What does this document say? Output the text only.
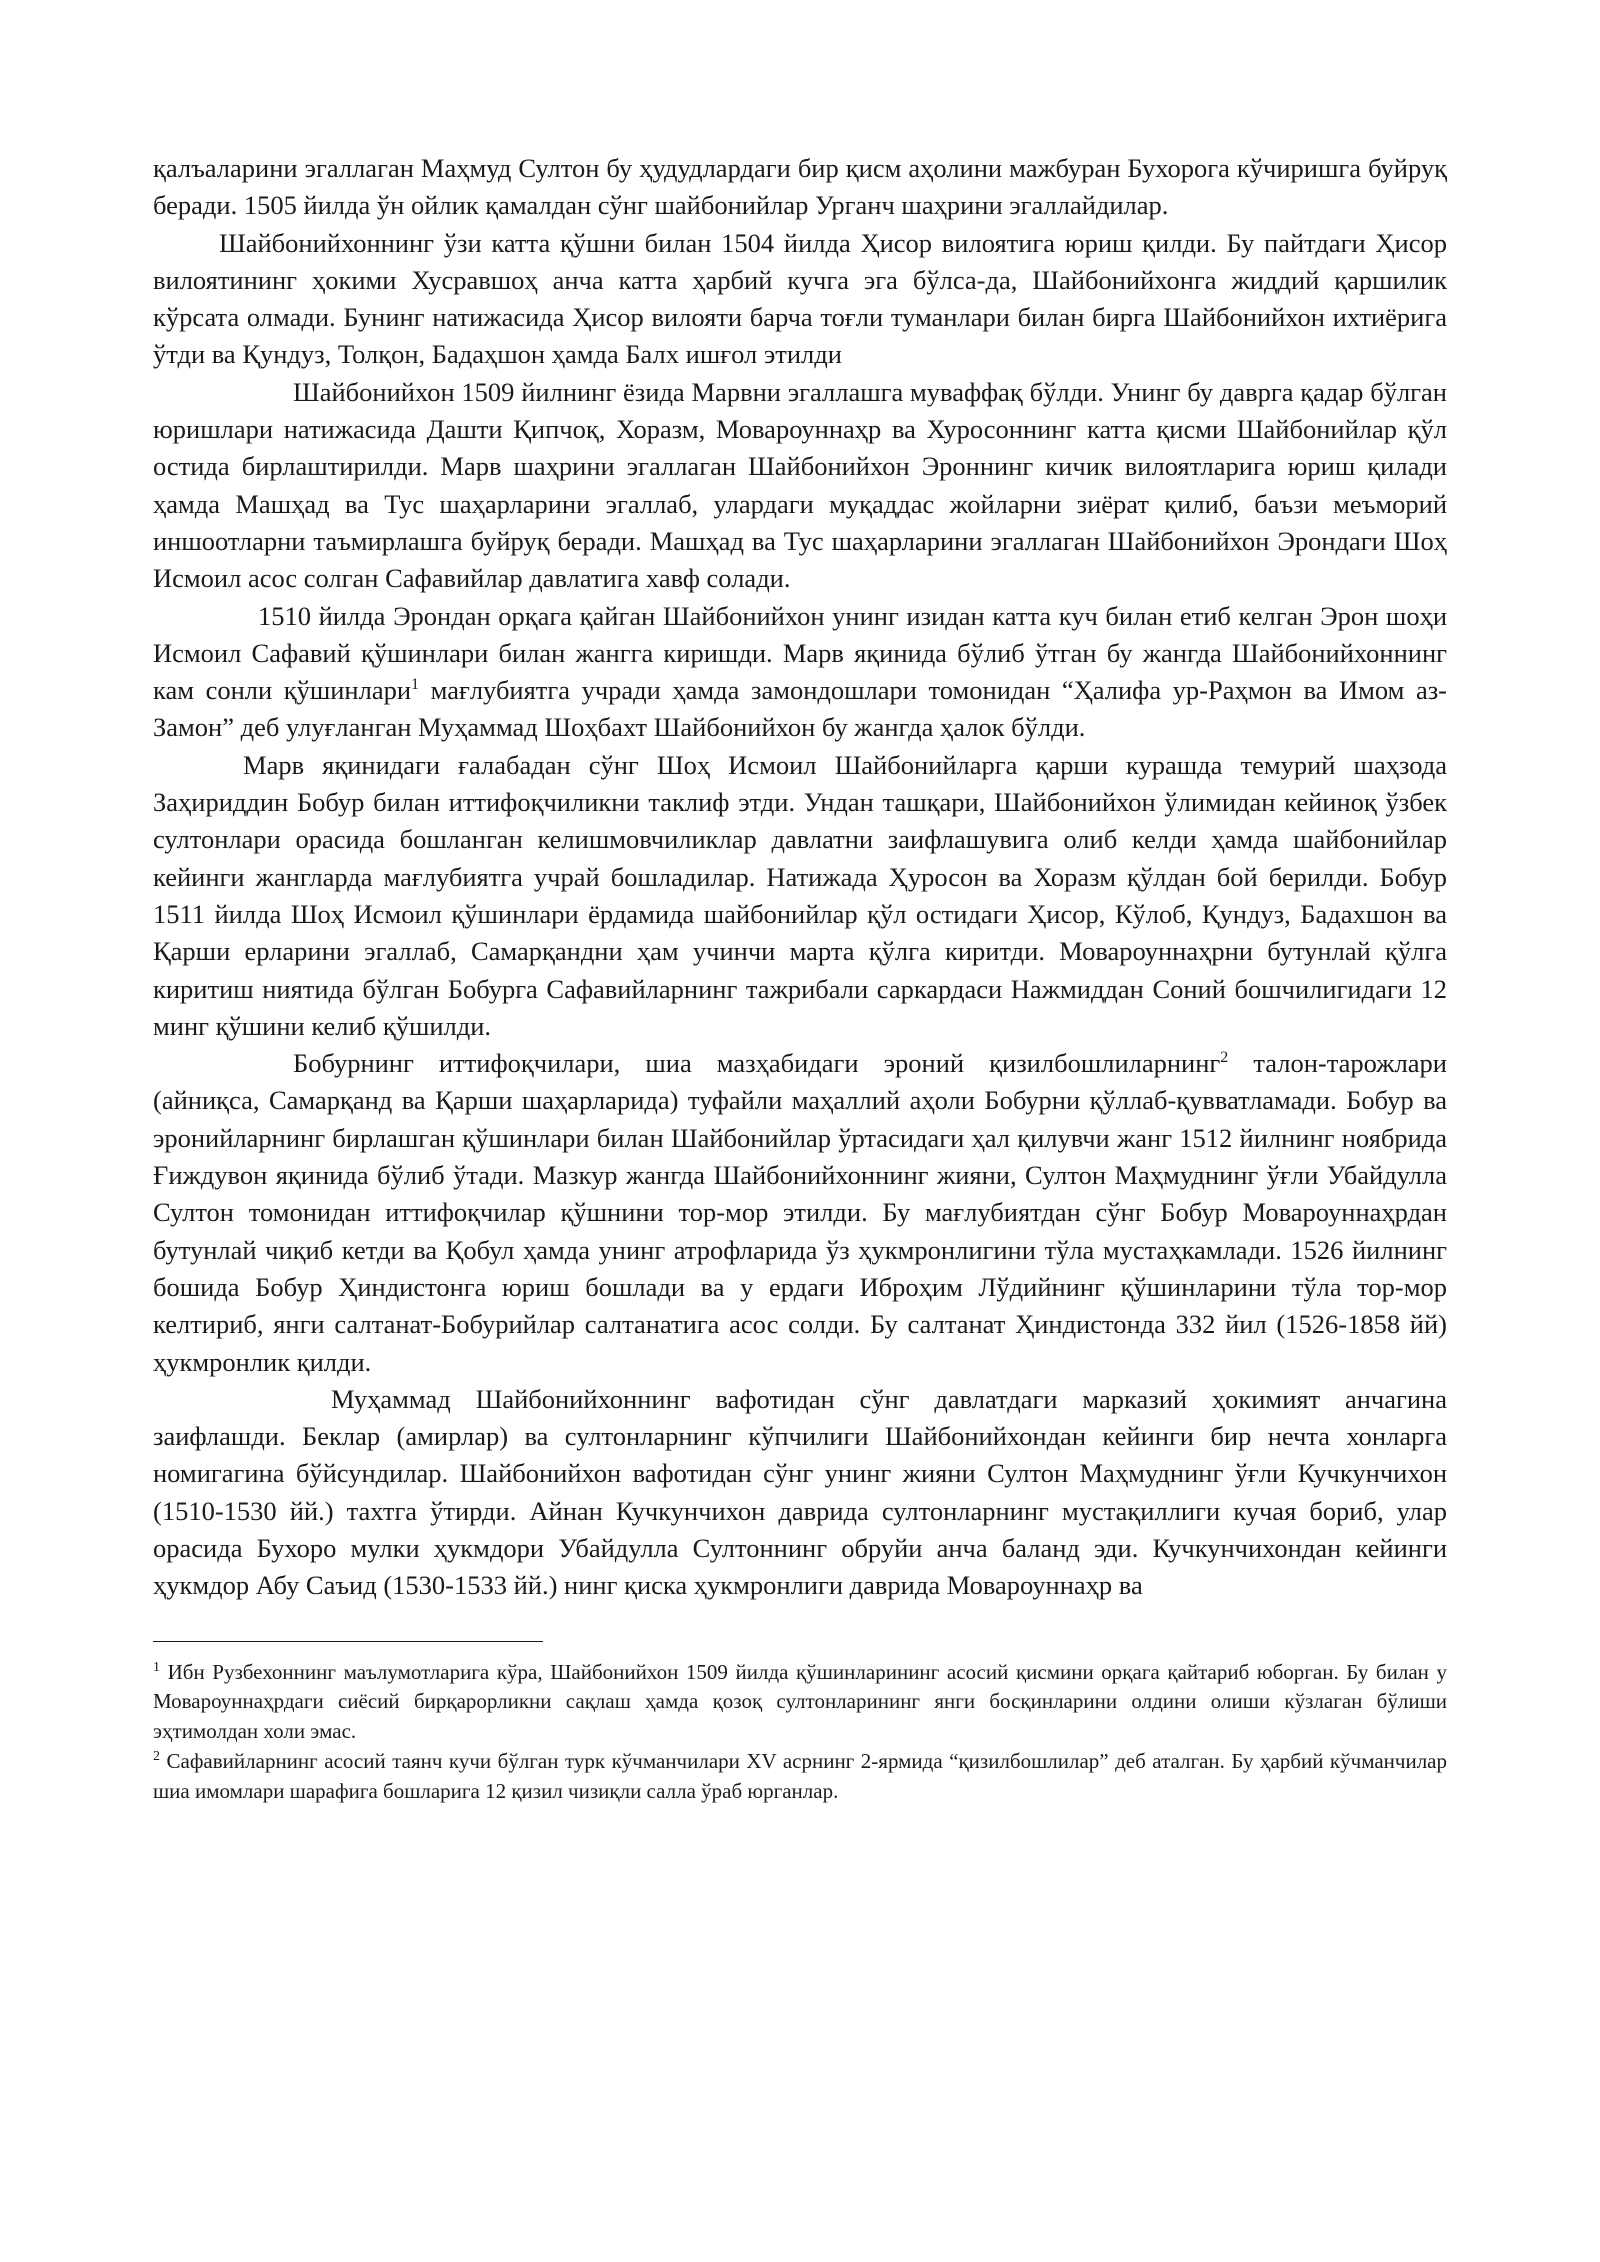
қалъаларини эгаллаган Маҳмуд Султон бу ҳудудлардаги бир қисм аҳолини мажбуран Бухорога кўчиришга буйруқ беради. 1505 йилда ўн ойлик қамалдан сўнг шайбонийлар Урганч шаҳрини эгаллайдилар.

Шайбонийхоннинг ўзи катта қўшни билан 1504 йилда Ҳисор вилоятига юриш қилди. Бу пайтдаги Ҳисор вилоятининг ҳокими Хусравшоҳ анча катта ҳарбий кучга эга бўлса-да, Шайбонийхонга жиддий қаршилик кўрсата олмади. Бунинг натижасида Ҳисор вилояти барча тоғли туманлари билан бирга Шайбонийхон ихтиёрига ўтди ва Қундуз, Толқон, Бадаҳшон ҳамда Балх ишғол этилди

Шайбонийхон 1509 йилнинг ёзида Марвни эгаллашга муваффақ бўлди. Унинг бу даврга қадар бўлган юришлари натижасида Дашти Қипчоқ, Хоразм, Мовароуннаҳр ва Хуросоннинг катта қисми Шайбонийлар қўл остида бирлаштирилди. Марв шаҳрини эгаллаган Шайбонийхон Эроннинг кичик вилоятларига юриш қилади ҳамда Машҳад ва Тус шаҳарларини эгаллаб, улардаги муқаддас жойларни зиёрат қилиб, баъзи меъморий иншоотларни таъмирлашга буйруқ беради. Машҳад ва Тус шаҳарларини эгаллаган Шайбонийхон Эрондаги Шоҳ Исмоил асос солган Сафавийлар давлатига хавф солади.

1510 йилда Эрондан орқага қайган Шайбонийхон унинг изидан катта куч билан етиб келган Эрон шоҳи Исмоил Сафавий қўшинлари билан жангга киришди. Марв яқинида бўлиб ўтган бу жангда Шайбонийхоннинг кам сонли қўшинлари$^1$ мағлубиятга учради ҳамда замондошлари томонидан “Ҳалифа ур-Раҳмон ва Имом аз-Замон” деб улуғланган Муҳаммад Шоҳбахт Шайбонийхон бу жангда ҳалок бўлди.

Марв яқинидаги ғалабадан сўнг Шоҳ Исмоил Шайбонийларга қарши курашда темурий шаҳзода Заҳириддин Бобур билан иттифоқчиликни таклиф этди. Ундан ташқари, Шайбонийхон ўлимидан кейиноқ ўзбек султонлари орасида бошланган келишмовчиликлар давлатни заифлашувига олиб келди ҳамда шайбонийлар кейинги жангларда мағлубиятга учрай бошладилар. Натижада Ҳуросон ва Хоразм қўлдан бой берилди. Бобур 1511 йилда Шоҳ Исмоил қўшинлари ёрдамида шайбонийлар қўл остидаги Ҳисор, Кўлоб, Қундуз, Бадахшон ва Қарши ерларини эгаллаб, Самарқандни ҳам учинчи марта қўлга киритди. Мовароуннаҳрни бутунлай қўлга киритиш ниятида бўлган Бобурга Сафавийларнинг тажрибали саркардаси Нажмиддан Соний бошчилигидаги 12 минг қўшини келиб қўшилди.

Бобурнинг иттифоқчилари, шиа мазҳабидаги эроний қизилбошлиларнинг$^2$ талон-тарожлари (айниқса, Самарқанд ва Қарши шаҳарларида) туфайли маҳаллий аҳоли Бобурни қўллаб-қувватламади. Бобур ва эронийларнинг бирлашган қўшинлари билан Шайбонийлар ўртасидаги ҳал қилувчи жанг 1512 йилнинг ноябрида Ғиждувон яқинида бўлиб ўтади. Мазкур жангда Шайбонийхоннинг жияни, Султон Маҳмуднинг ўғли Убайдулла Султон томонидан иттифоқчилар қўшнини тор-мор этилди. Бу мағлубиятдан сўнг Бобур Мовароуннаҳрдан бутунлай чиқиб кетди ва Қобул ҳамда унинг атрофларида ўз ҳукмронлигини тўла мустаҳкамлади. 1526 йилнинг бошида Бобур Ҳиндистонга юриш бошлади ва у ердаги Иброҳим Лўдийнинг қўшинларини тўла тор-мор келтириб, янги салтанат-Бобурийлар салтанатига асос солди. Бу салтанат Ҳиндистонда 332 йил (1526-1858 йй) ҳукмронлик қилди.

Муҳаммад Шайбонийхоннинг вафотидан сўнг давлатдаги марказий ҳокимият анчагина заифлашди. Беклар (амирлар) ва султонларнинг кўпчилиги Шайбонийхондан кейинги бир нечта хонларга номигагина бўйсундилар. Шайбонийхон вафотидан сўнг унинг жияни Султон Маҳмуднинг ўғли Кучкунчихон (1510-1530 йй.) тахтга ўтирди. Айнан Кучкунчихон даврида султонларнинг мустақиллиги кучая бориб, улар орасида Бухоро мулки ҳукмдори Убайдулла Султоннинг обруйи анча баланд эди. Кучкунчихондан кейинги ҳукмдор Абу Саъид (1530-1533 йй.) нинг қиска ҳукмронлиги даврида Мовароуннаҳр ва

$^1$ Ибн Рузбехоннинг маълумотларига кўра, Шайбонийхон 1509 йилда қўшинларининг асосий қисмини орқага қайтариб юборган. Бу билан у Мовароуннаҳрдаги сиёсий бирқарорликни сақлаш ҳамда қозоқ султонларининг янги босқинларини олдини олиши кўзлаган бўлиши эҳтимолдан холи эмас.

$^2$ Сафавийларнинг асосий таянч кучи бўлган турк кўчманчилари XV асрнинг 2-ярмида “қизилбошлилар” деб аталган. Бу ҳарбий кўчманчилар шиа имомлари шарафига бошларига 12 қизил чизиқли салла ўраб юрганлар.
